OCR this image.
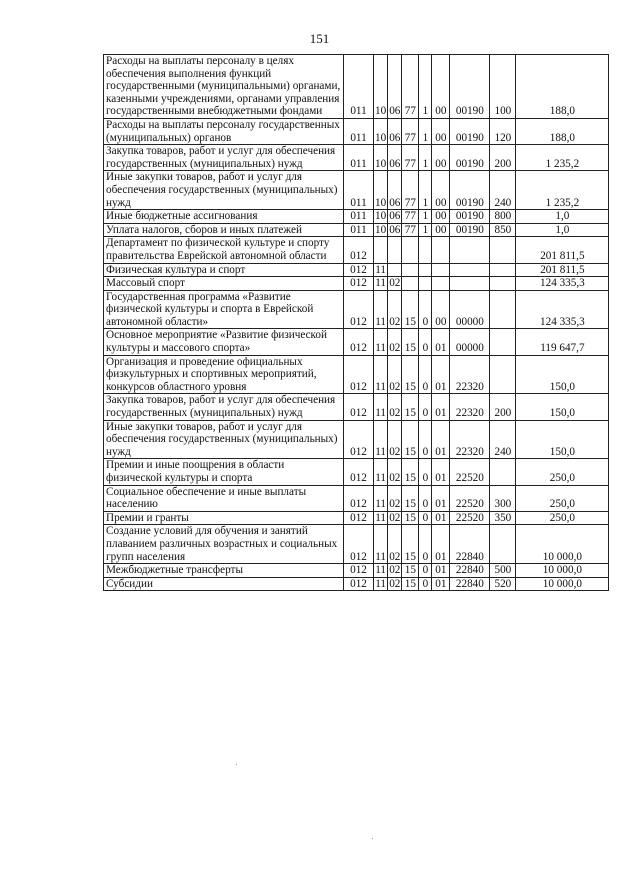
151
Расходы на выплаты персоналу в целях обеспечения выполнения функций государственными (муниципальными) органами, казенными учреждениями, органами управления государственными внебюджетными фондами	011	10	06	77	1	00	00190	100	188,0
Расходы на выплаты персоналу государственных (муниципальных) органов	011	10	06	77	1	00	00190	120	188,0
Закупка товаров, работ и услуг для обеспечения государственных (муниципальных) нужд	011	10	06	77	1	00	00190	200	1 235,2
Иные закупки товаров, работ и услуг для обеспечения государственных (муниципальных) нужд	011	10	06	77	1	00	00190	240	1 235,2
Иные бюджетные ассигнования	011	10	06	77	1	00	00190	800	1,0
Уплата налогов, сборов и иных платежей	011	10	06	77	1	00	00190	850	1,0
Департамент по физической культуре и спорту правительства Еврейской автономной области	012								201 811,5
Физическая культура и спорт	012	11							201 811,5
Массовый спорт	012	11	02						124 335,3
Государственная программа «Развитие физической культуры и спорта в Еврейской автономной области»	012	11	02	15	0	00	00000		124 335,3
Основное мероприятие «Развитие физической культуры и массового спорта»	012	11	02	15	0	01	00000		119 647,7
Организация и проведение официальных физкультурных и спортивных мероприятий, конкурсов областного уровня	012	11	02	15	0	01	22320		150,0
Закупка товаров, работ и услуг для обеспечения государственных (муниципальных) нужд	012	11	02	15	0	01	22320	200	150,0
Иные закупки товаров, работ и услуг для обеспечения государственных (муниципальных) нужд	012	11	02	15	0	01	22320	240	150,0
Премии и иные поощрения в области физической культуры и спорта	012	11	02	15	0	01	22520		250,0
Социальное обеспечение и иные выплаты населению	012	11	02	15	0	01	22520	300	250,0
Премии и гранты	012	11	02	15	0	01	22520	350	250,0
Создание условий для обучения и занятий плаванием различных возрастных и социальных групп населения	012	11	02	15	0	01	22840		10 000,0
Межбюджетные трансферты	012	11	02	15	0	01	22840	500	10 000,0
Субсидии	012	11	02	15	0	01	22840	520	10 000,0
